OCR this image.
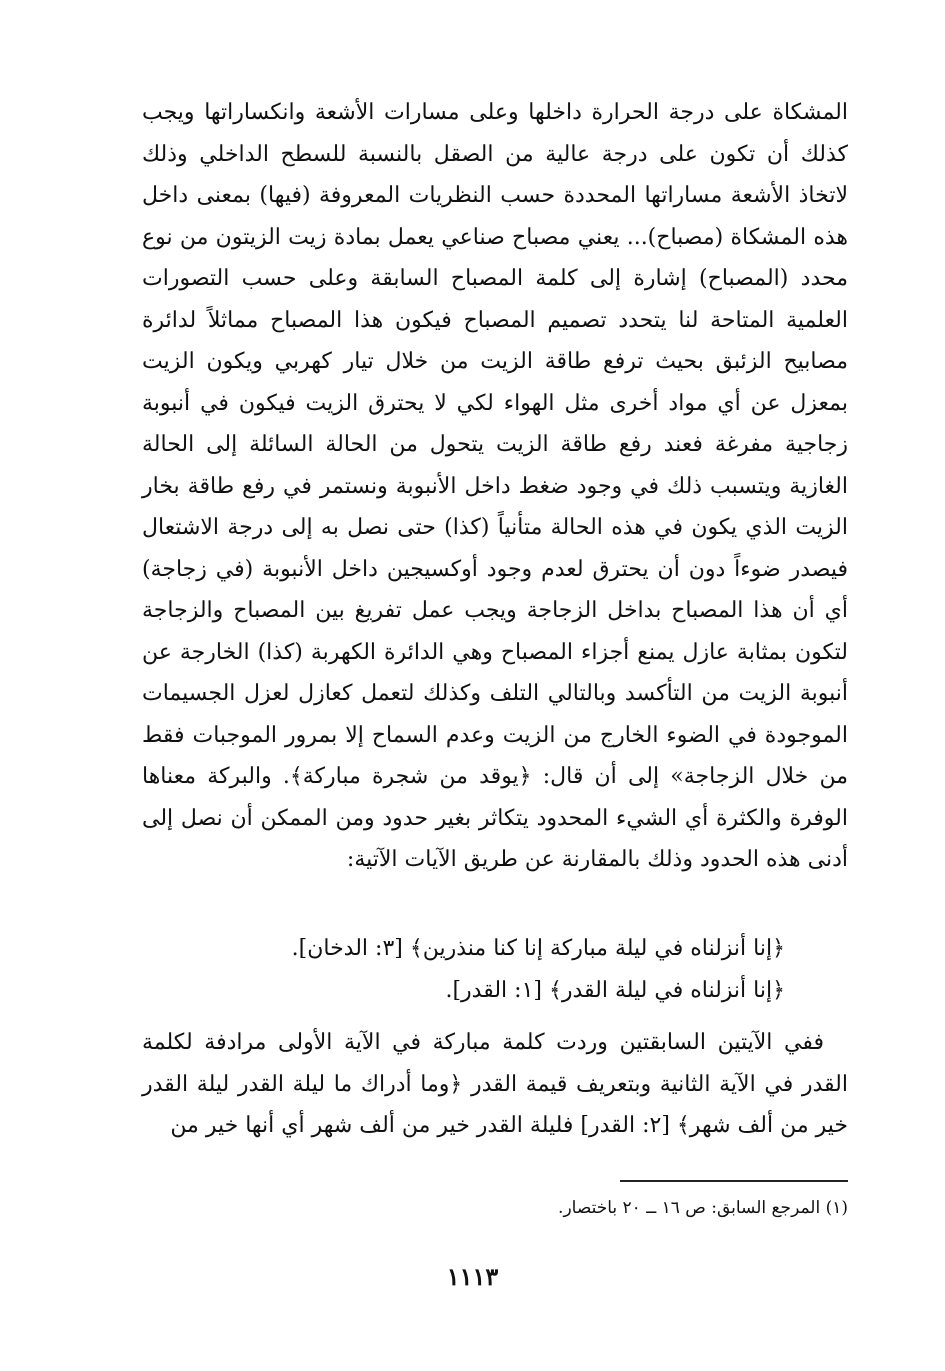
المشكاة على درجة الحرارة داخلها وعلى مسارات الأشعة وانكساراتها ويجب كذلك أن تكون على درجة عالية من الصقل بالنسبة للسطح الداخلي وذلك لاتخاذ الأشعة مساراتها المحددة حسب النظريات المعروفة (فيها) بمعنى داخل هذه المشكاة (مصباح)... يعني مصباح صناعي يعمل بمادة زيت الزيتون من نوع محدد (المصباح) إشارة إلى كلمة المصباح السابقة وعلى حسب التصورات العلمية المتاحة لنا يتحدد تصميم المصباح فيكون هذا المصباح مماثلاً لدائرة مصابيح الزئبق بحيث ترفع طاقة الزيت من خلال تيار كهربي ويكون الزيت بمعزل عن أي مواد أخرى مثل الهواء لكي لا يحترق الزيت فيكون في أنبوبة زجاجية مفرغة فعند رفع طاقة الزيت يتحول من الحالة السائلة إلى الحالة الغازية ويتسبب ذلك في وجود ضغط داخل الأنبوبة ونستمر في رفع طاقة بخار الزيت الذي يكون في هذه الحالة متأنياً (كذا) حتى نصل به إلى درجة الاشتعال فيصدر ضوءاً دون أن يحترق لعدم وجود أوكسيجين داخل الأنبوبة (في زجاجة) أي أن هذا المصباح بداخل الزجاجة ويجب عمل تفريغ بين المصباح والزجاجة لتكون بمثابة عازل يمنع أجزاء المصباح وهي الدائرة الكهربة (كذا) الخارجة عن أنبوبة الزيت من التأكسد وبالتالي التلف وكذلك لتعمل كعازل لعزل الجسيمات الموجودة في الضوء الخارج من الزيت وعدم السماح إلا بمرور الموجبات فقط من خلال الزجاجة» إلى أن قال: ﴿يوقد من شجرة مباركة﴾. والبركة معناها الوفرة والكثرة أي الشيء المحدود يتكاثر بغير حدود ومن الممكن أن نصل إلى أدنى هذه الحدود وذلك بالمقارنة عن طريق الآيات الآتية:

﴿إنا أنزلناه في ليلة مباركة إنا كنا منذرين﴾ [٣: الدخان].
﴿إنا أنزلناه في ليلة القدر﴾ [١: القدر].

ففي الآيتين السابقتين وردت كلمة مباركة في الآية الأولى مرادفة لكلمة القدر في الآية الثانية وبتعريف قيمة القدر ﴿وما أدراك ما ليلة القدر ليلة القدر خير من ألف شهر﴾ [٢: القدر] فليلة القدر خير من ألف شهر أي أنها خير من

(١) المرجع السابق: ص ١٦ ــ ٢٠ باختصار.
١١١٣
